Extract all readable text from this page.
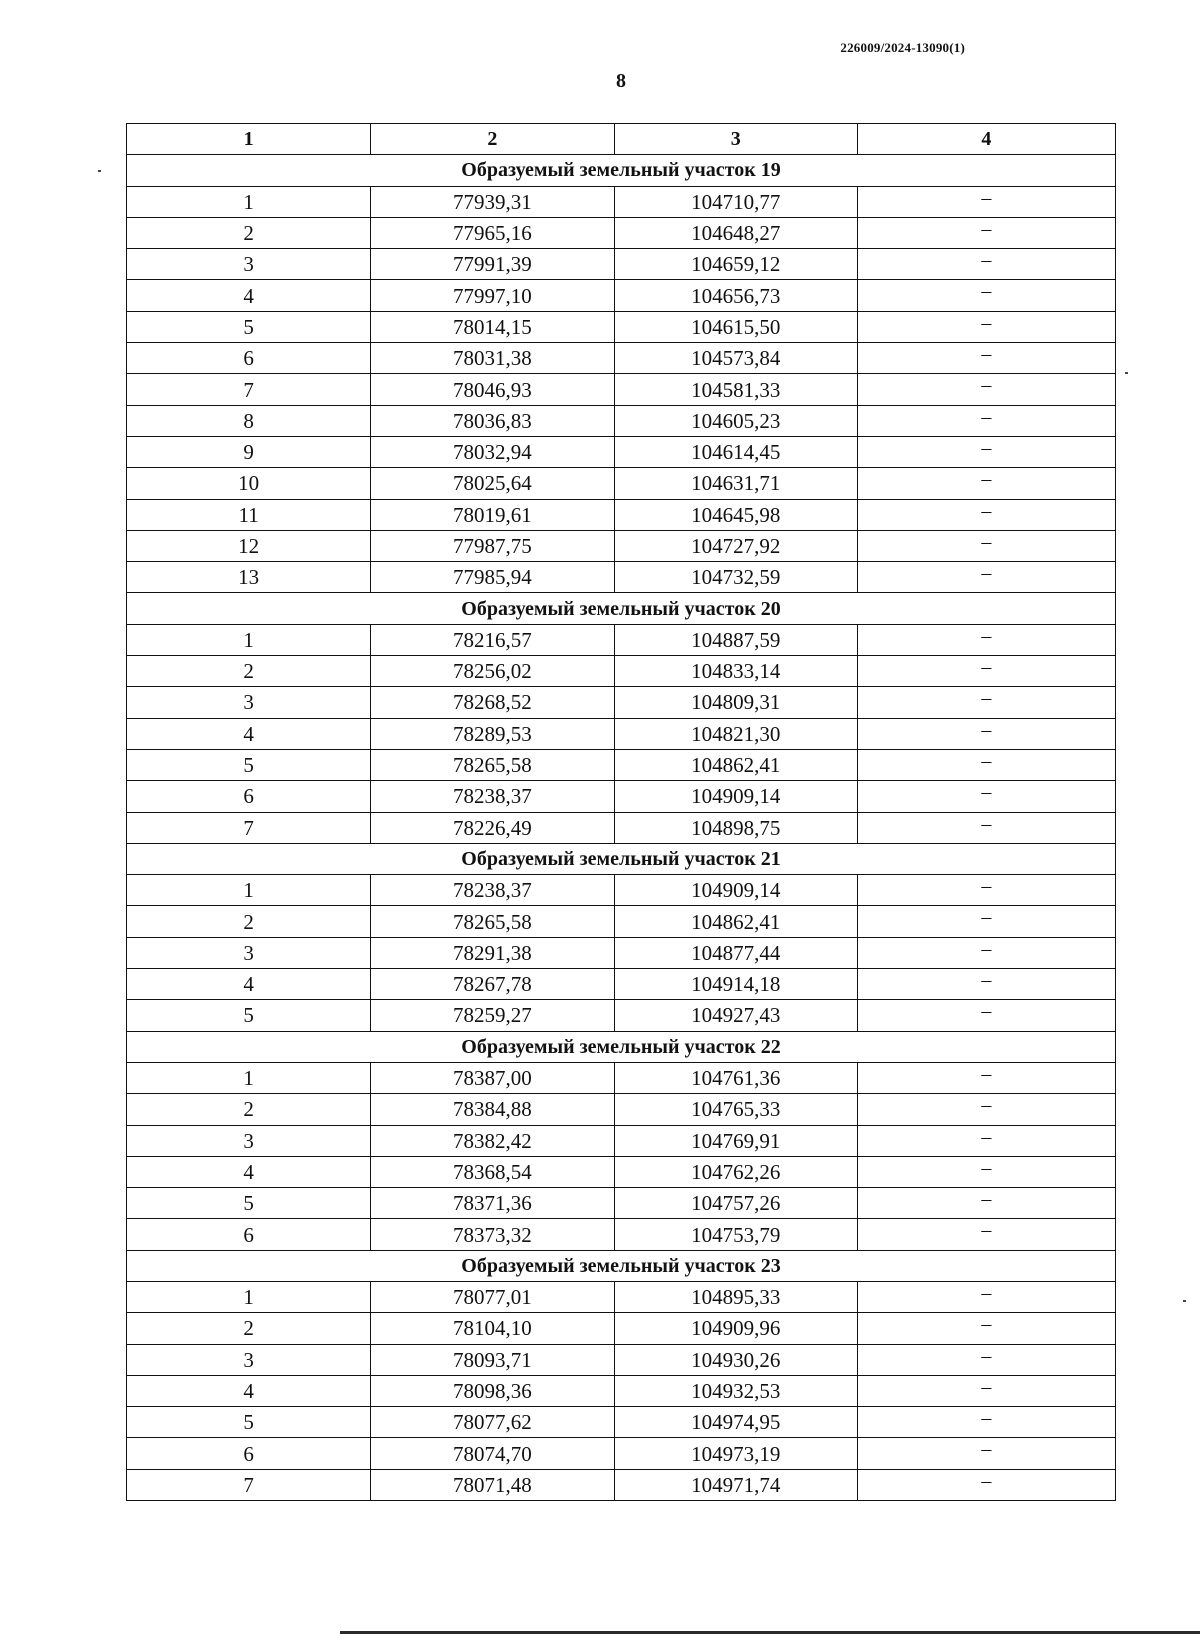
226009/2024-13090(1)
8
1	2	3	4
Образуемый земельный участок 19			
1	77939,31	104710,77	–
2	77965,16	104648,27	–
3	77991,39	104659,12	–
4	77997,10	104656,73	–
5	78014,15	104615,50	–
6	78031,38	104573,84	–
7	78046,93	104581,33	–
8	78036,83	104605,23	–
9	78032,94	104614,45	–
10	78025,64	104631,71	–
11	78019,61	104645,98	–
12	77987,75	104727,92	–
13	77985,94	104732,59	–
Образуемый земельный участок 20			
1	78216,57	104887,59	–
2	78256,02	104833,14	–
3	78268,52	104809,31	–
4	78289,53	104821,30	–
5	78265,58	104862,41	–
6	78238,37	104909,14	–
7	78226,49	104898,75	–
Образуемый земельный участок 21			
1	78238,37	104909,14	–
2	78265,58	104862,41	–
3	78291,38	104877,44	–
4	78267,78	104914,18	–
5	78259,27	104927,43	–
Образуемый земельный участок 22			
1	78387,00	104761,36	–
2	78384,88	104765,33	–
3	78382,42	104769,91	–
4	78368,54	104762,26	–
5	78371,36	104757,26	–
6	78373,32	104753,79	–
Образуемый земельный участок 23			
1	78077,01	104895,33	–
2	78104,10	104909,96	–
3	78093,71	104930,26	–
4	78098,36	104932,53	–
5	78077,62	104974,95	–
6	78074,70	104973,19	–
7	78071,48	104971,74	–
